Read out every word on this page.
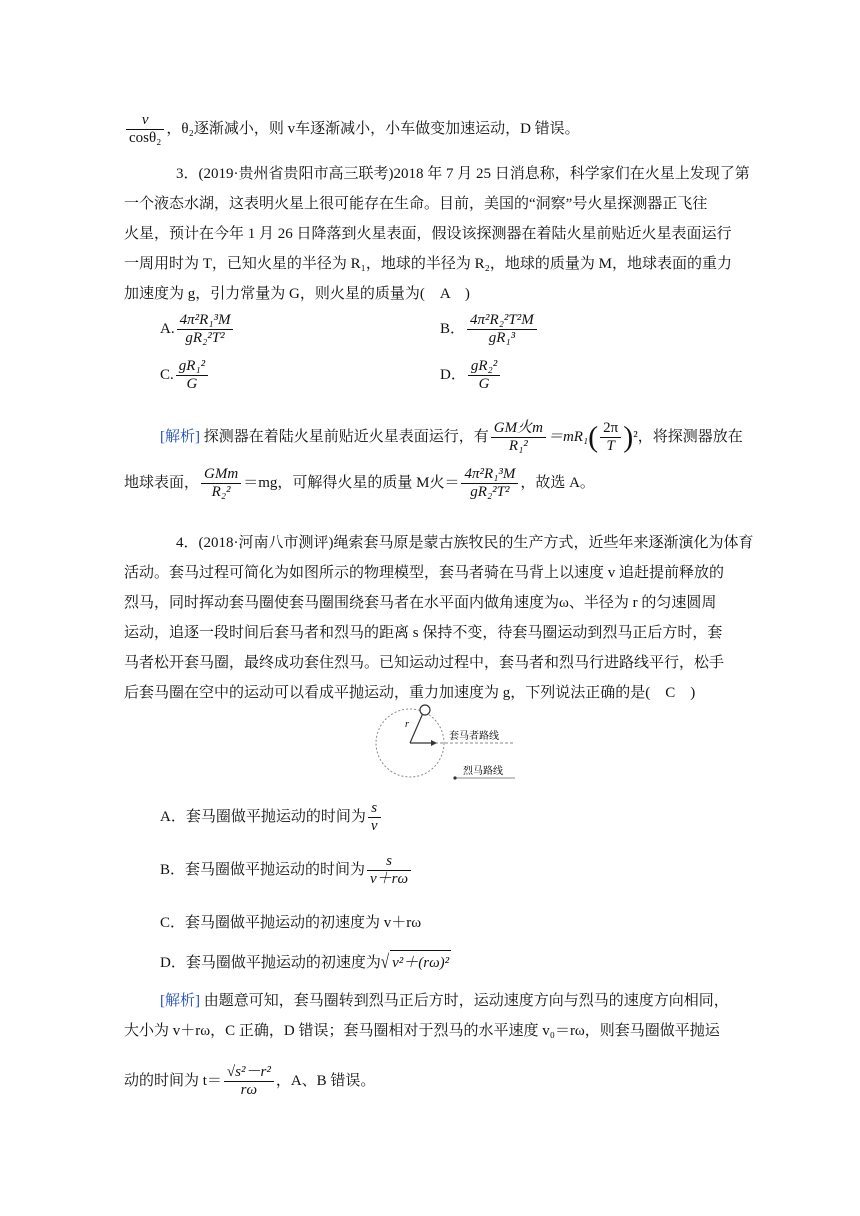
$\frac{v}{\text{cosθ₂}}$ ，θ₂逐渐减小，则 v车逐渐减小，小车做变加速运动，D 错误。
3．(2019·贵州省贵阳市高三联考)2018 年 7 月 25 日消息称，科学家们在火星上发现了第
一个液态水湖，这表明火星上很可能存在生命。目前，美国的“洞察”号火星探测器正飞往
火星，预计在今年 1 月 26 日降落到火星表面，假设该探测器在着陆火星前贴近火星表面运行
一周用时为 T，已知火星的半径为 R₁，地球的半径为 R₂，地球的质量为 M，地球表面的重力
加速度为 g，引力常量为 G，则火星的质量为(　A　)
A. $\frac{\text{4π²R₁³M}}{\text{gR₂²T²}}$	B． $\frac{\text{4π²R₂²T²M}}{\text{gR₁³}}$
C. $\frac{\text{gR₁²}}{G}$	D． $\frac{\text{gR₂²}}{G}$
[解析] 探测器在着陆火星前贴近火星表面运行，有 $\frac{\text{GM火m}}{\text{R₁²}} =mR_1( \frac{2\pi}{T} )^2$，将探测器放在
地球表面， $\frac{\text{GMm}}{\text{R₂²}} =mg$，可解得火星的质量 M火＝ $\frac{\text{4π²R₁³M}}{\text{gR₂²T²}}$ ，故选 A。
4．(2018·河南八市测评)绳索套马原是蒙古族牧民的生产方式，近些年来逐渐演化为体育
活动。套马过程可简化为如图所示的物理模型，套马者骑在马背上以速度 v 追赶提前释放的
烈马，同时挥动套马圈使套马圈围绕套马者在水平面内做角速度为ω、半径为 r 的匀速圆周
运动，追逐一段时间后套马者和烈马的距离 s 保持不变，待套马圈运动到烈马正后方时，套
马者松开套马圈，最终成功套住烈马。已知运动过程中，套马者和烈马行进路线平行，松手
后套马圈在空中的运动可以看成平抛运动，重力加速度为 g，下列说法正确的是(　C　)
r
套马者路线
烈马路线
A．套马圈做平抛运动的时间为 $\frac{s}{v}$
B．套马圈做平抛运动的时间为 $\frac{s}{v+r\omega}$
C．套马圈做平抛运动的初速度为 v＋rω
D．套马圈做平抛运动的初速度为√ v²＋(rω)²
[解析] 由题意可知，套马圈转到烈马正后方时，运动速度方向与烈马的速度方向相同，
大小为 v＋rω，C 正确，D 错误；套马圈相对于烈马的水平速度 v₀＝rω，则套马圈做平抛运
动的时间为 $t= \frac{\text{√s²－r²}}{r\omega}$ ，A、B 错误。
